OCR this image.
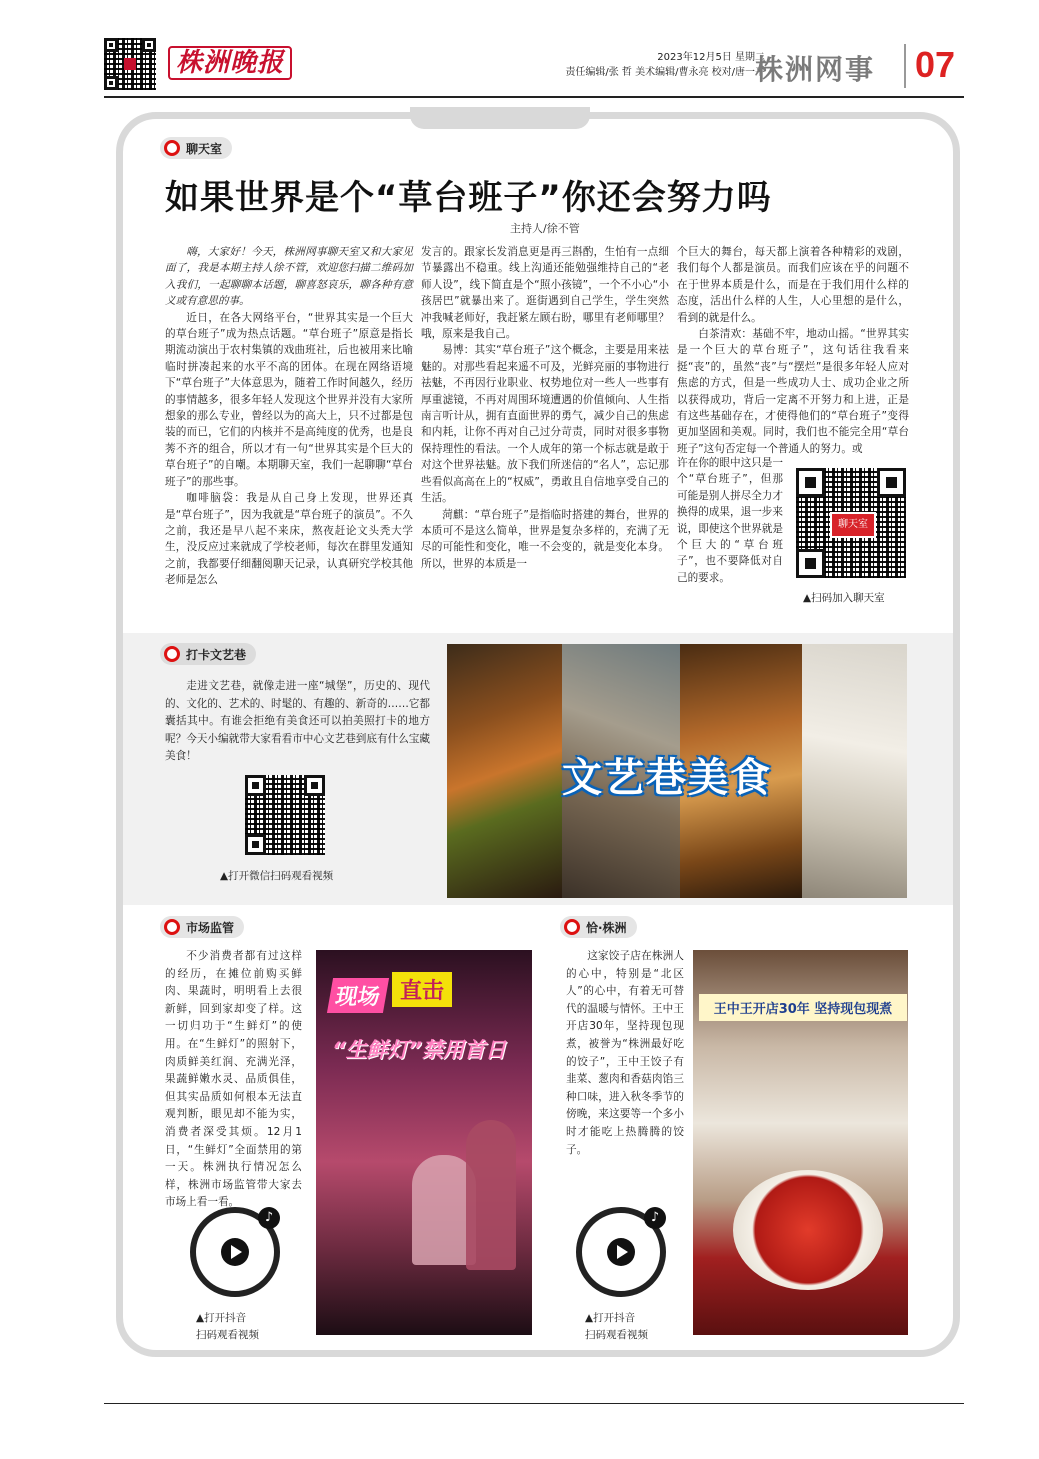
株洲晚报	2023年12月5日 星期二
责任编辑/张 哲 美术编辑/曹永亮 校对/唐一平
株洲网事 07
聊天室
如果世界是个“草台班子”你还会努力吗
主持人/徐不管

嗨，大家好！今天，株洲网事聊天室又和大家见面了，我是本期主持人徐不管，欢迎您扫描二维码加入我们，一起聊聊本话题，聊喜怒哀乐，聊各种有意义或有意思的事。

近日，在各大网络平台，“世界其实是一个巨大的草台班子”成为热点话题。“草台班子”原意是指长期流动演出于农村集镇的戏曲班社，后也被用来比喻临时拼凑起来的水平不高的团体。在现在网络语境下“草台班子”大体意思为，随着工作时间越久，经历的事情越多，很多年轻人发现这个世界并没有大家所想象的那么专业，曾经以为的高大上，只不过都是包装的而已，它们的内核并不是高纯度的优秀，也是良莠不齐的组合，所以才有一句“世界其实是个巨大的草台班子”的自嘲。本期聊天室，我们一起聊聊“草台班子”的那些事。

咖啡脑袋：我是从自己身上发现，世界还真是“草台班子”，因为我就是“草台班子的演员”。不久之前，我还是早八起不来床，熬夜赶论文头秃大学生，没反应过来就成了学校老师，每次在群里发通知之前，我都要仔细翻阅聊天记录，认真研究学校其他老师是怎么

发言的。跟家长发消息更是再三斟酌，生怕有一点细节暴露出不稳重。线上沟通还能勉强维持自己的“老师人设”，线下简直是个“照小孩镜”，一个不小心“小孩居巴”就暴出来了。逛街遇到自己学生，学生突然冲我喊老师好，我赶紧左顾右盼，哪里有老师哪里？哦，原来是我自己。

易博：其实“草台班子”这个概念，主要是用来祛魅的。对那些看起来遥不可及，光鲜亮丽的事物进行祛魅，不再因行业职业、权势地位对一些人一些事有厚重滤镜，不再对周围环境遭遇的价值倾向、人生指南言听计从，拥有直面世界的勇气，减少自己的焦虑和内耗，让你不再对自己过分苛责，同时对很多事物保持理性的看法。一个人成年的第一个标志就是敢于对这个世界祛魅。放下我们所迷信的“名人”，忘记那些看似高高在上的“权威”，勇敢且自信地享受自己的生活。

菏麒：“草台班子”是指临时搭建的舞台，世界的本质可不是这么简单，世界是复杂多样的，充满了无尽的可能性和变化，唯一不会变的，就是变化本身。所以，世界的本质是一

个巨大的舞台，每天都上演着各种精彩的戏剧，我们每个人都是演员。而我们应该在乎的问题不在于世界本质是什么，而是在于我们用什么样的态度，活出什么样的人生，人心里想的是什么，看到的就是什么。

白茶清欢：基础不牢，地动山摇。“世界其实是一个巨大的草台班子”，这句话往我看来挺“丧”的，虽然“丧”与“摆烂”是很多年轻人应对焦虑的方式，但是一些成功人士、成功企业之所以获得成功，背后一定离不开努力和上进，正是有这些基础存在，才使得他们的“草台班子”变得更加坚固和美观。同时，我们也不能完全用“草台班子”这句否定每一个普通人的努力。或

许在你的眼中这只是一个“草台班子”，但那可能是别人拼尽全力才换得的成果，退一步来说，即使这个世界就是个巨大的“草台班子”，也不要降低对自己的要求。

聊天室
▲扫码加入聊天室
打卡文艺巷
走进文艺巷，就像走进一座“城堡”，历史的、现代的、文化的、艺术的、时髦的、有趣的、新奇的……它都囊括其中。有谁会拒绝有美食还可以拍美照打卡的地方呢？今天小编就带大家看看市中心文艺巷到底有什么宝藏美食！
▲打开微信扫码观看视频
文艺巷美食
市场监管
不少消费者都有过这样的经历，在摊位前购买鲜肉、果蔬时，明明看上去很新鲜，回到家却变了样。这一切归功于“生鲜灯”的使用。在“生鲜灯”的照射下，肉质鲜美红润、充满光泽，果蔬鲜嫩水灵、品质俱佳，但其实品质如何根本无法直观判断，眼见却不能为实，消费者深受其烦。12月1日，“生鲜灯”全面禁用的第一天。株洲执行情况怎么样，株洲市场监管带大家去市场上看一看。
♪
▲打开抖音
扫码观看视频
现场 直击
“生鲜灯”禁用首日
恰·株洲
这家饺子店在株洲人的心中，特别是“北区人”的心中，有着无可替代的温暖与情怀。王中王开店30年，坚持现包现煮，被誉为“株洲最好吃的饺子”，王中王饺子有韭菜、葱肉和香菇肉馅三种口味，进入秋冬季节的傍晚，来这要等一个多小时才能吃上热腾腾的饺子。
♪
▲打开抖音
扫码观看视频
王中王开店30年 坚持现包现煮
